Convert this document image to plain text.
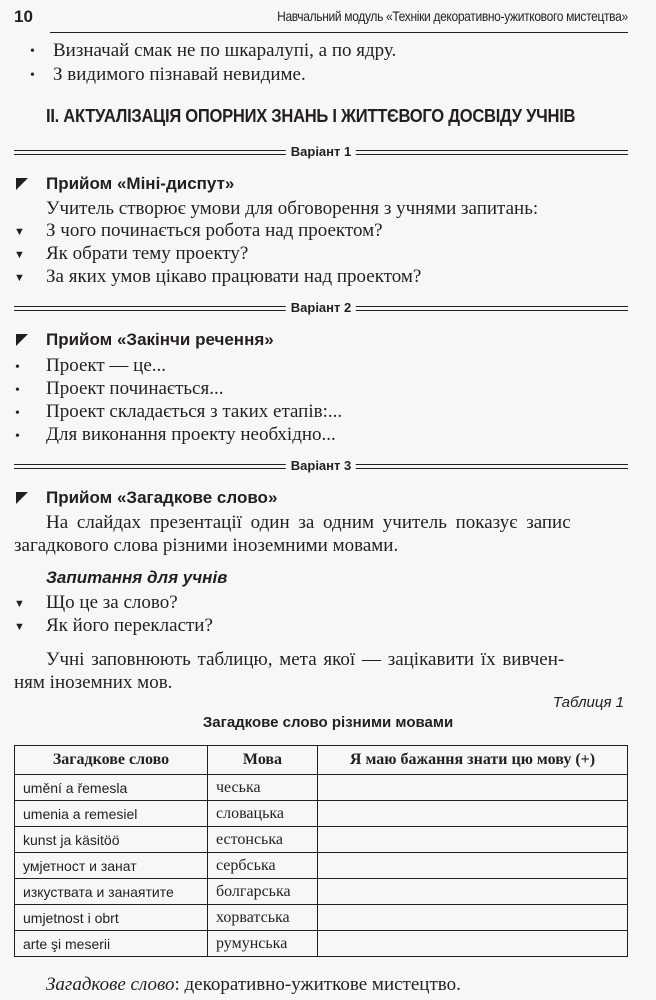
10	Навчальний модуль «Техніки декоративно-ужиткового мистецтва»
• Визначай смак не по шкаралупі, а по ядру.
• З видимого пізнавай невидиме.
ІІ. АКТУАЛІЗАЦІЯ ОПОРНИХ ЗНАНЬ І ЖИТТЄВОГО ДОСВІДУ УЧНІВ
Варіант 1
Прийом «Міні-диспут»
Учитель створює умови для обговорення з учнями запитань:
▼ З чого починається робота над проектом?
▼ Як обрати тему проекту?
▼ За яких умов цікаво працювати над проектом?
Варіант 2
Прийом «Закінчи речення»
• Проект — це...
• Проект починається...
• Проект складається з таких етапів:...
• Для виконання проекту необхідно...
Варіант 3
Прийом «Загадкове слово»
На слайдах презентації один за одним учитель показує запис
загадкового слова різними іноземними мовами.
Запитання для учнів
▼ Що це за слово?
▼ Як його перекласти?
Учні заповнюють таблицю, мета якої — зацікавити їх вивчен-
ням іноземних мов.
Таблиця 1
Загадкове слово різними мовами
Загадкове слово	Мова	Я маю бажання знати цю мову (+)
umění a řemesla	чеська	
umenia a remesiel	словацька	
kunst ja käsitöö	естонська	
умјетност и занат	сербська	
изкуствата и занаятите	болгарська	
umjetnost i obrt	хорватська	
arte şi meserii	румунська	
Загадкове слово: декоративно-ужиткове мистецтво.
